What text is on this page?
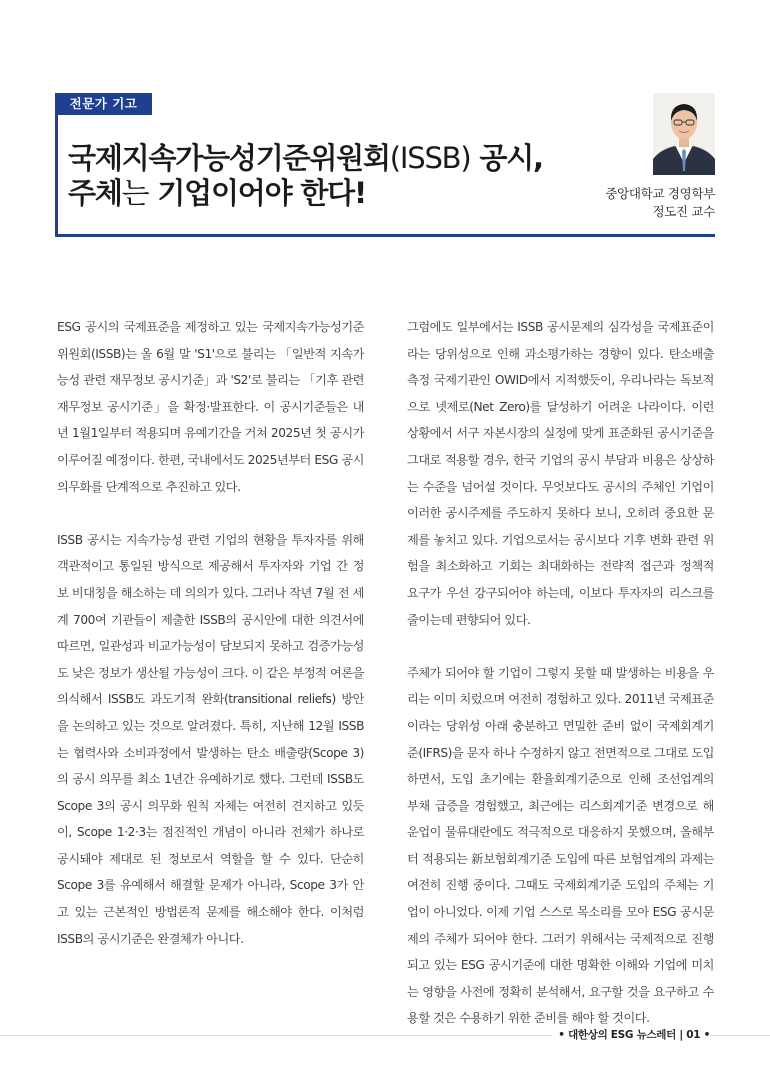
전문가 기고
국제지속가능성기준위원회(ISSB) 공시,
주체는 기업이어야 한다!	중앙대학교 경영학부
정도진 교수

ESG 공시의 국제표준을 제정하고 있는 국제지속가능성기준위원회(ISSB)는 올 6월 말 'S1'으로 불리는 「일반적 지속가능성 관련 재무정보 공시기준」과 'S2'로 불리는 「기후 관련 재무정보 공시기준」을 확정·발표한다. 이 공시기준들은 내년 1월1일부터 적용되며 유예기간을 거쳐 2025년 첫 공시가 이루어질 예정이다. 한편, 국내에서도 2025년부터 ESG 공시 의무화를 단계적으로 추진하고 있다.

ISSB 공시는 지속가능성 관련 기업의 현황을 투자자를 위해 객관적이고 통일된 방식으로 제공해서 투자자와 기업 간 정보 비대칭을 해소하는 데 의의가 있다. 그러나 작년 7월 전 세계 700여 기관들이 제출한 ISSB의 공시안에 대한 의견서에 따르면, 일관성과 비교가능성이 담보되지 못하고 검증가능성도 낮은 정보가 생산될 가능성이 크다. 이 같은 부정적 여론을 의식해서 ISSB도 과도기적 완화(transitional reliefs) 방안을 논의하고 있는 것으로 알려졌다. 특히, 지난해 12월 ISSB는 협력사와 소비과정에서 발생하는 탄소 배출량(Scope 3)의 공시 의무를 최소 1년간 유예하기로 했다. 그런데 ISSB도 Scope 3의 공시 의무화 원칙 자체는 여전히 견지하고 있듯이, Scope 1·2·3는 점진적인 개념이 아니라 전체가 하나로 공시돼야 제대로 된 정보로서 역할을 할 수 있다. 단순히 Scope 3를 유예해서 해결할 문제가 아니라, Scope 3가 안고 있는 근본적인 방법론적 문제를 해소해야 한다. 이처럼 ISSB의 공시기준은 완결체가 아니다.

그럼에도 일부에서는 ISSB 공시문제의 심각성을 국제표준이라는 당위성으로 인해 과소평가하는 경향이 있다. 탄소배출 측정 국제기관인 OWID에서 지적했듯이, 우리나라는 독보적으로 넷제로(Net Zero)를 달성하기 어려운 나라이다. 이런 상황에서 서구 자본시장의 실정에 맞게 표준화된 공시기준을 그대로 적용할 경우, 한국 기업의 공시 부담과 비용은 상상하는 수준을 넘어설 것이다. 무엇보다도 공시의 주체인 기업이 이러한 공시주제를 주도하지 못하다 보니, 오히려 중요한 문제를 놓치고 있다. 기업으로서는 공시보다 기후 변화 관련 위험을 최소화하고 기회는 최대화하는 전략적 접근과 정책적 요구가 우선 강구되어야 하는데, 이보다 투자자의 리스크를 줄이는데 편향되어 있다.

주체가 되어야 할 기업이 그렇지 못할 때 발생하는 비용을 우리는 이미 치렀으며 여전히 경험하고 있다. 2011년 국제표준이라는 당위성 아래 충분하고 면밀한 준비 없이 국제회계기준(IFRS)을 문자 하나 수정하지 않고 전면적으로 그대로 도입하면서, 도입 초기에는 환율회계기준으로 인해 조선업계의 부채 급증을 경험했고, 최근에는 리스회계기준 변경으로 해운업이 물류대란에도 적극적으로 대응하지 못했으며, 올해부터 적용되는 新보험회계기준 도입에 따른 보험업계의 과제는 여전히 진행 중이다. 그때도 국제회계기준 도입의 주체는 기업이 아니었다. 이제 기업 스스로 목소리를 모아 ESG 공시문제의 주체가 되어야 한다. 그러기 위해서는 국제적으로 진행되고 있는 ESG 공시기준에 대한 명확한 이해와 기업에 미치는 영향을 사전에 정확히 분석해서, 요구할 것을 요구하고 수용할 것은 수용하기 위한 준비를 해야 할 것이다.

• 대한상의 ESG 뉴스레터 | 01 •
